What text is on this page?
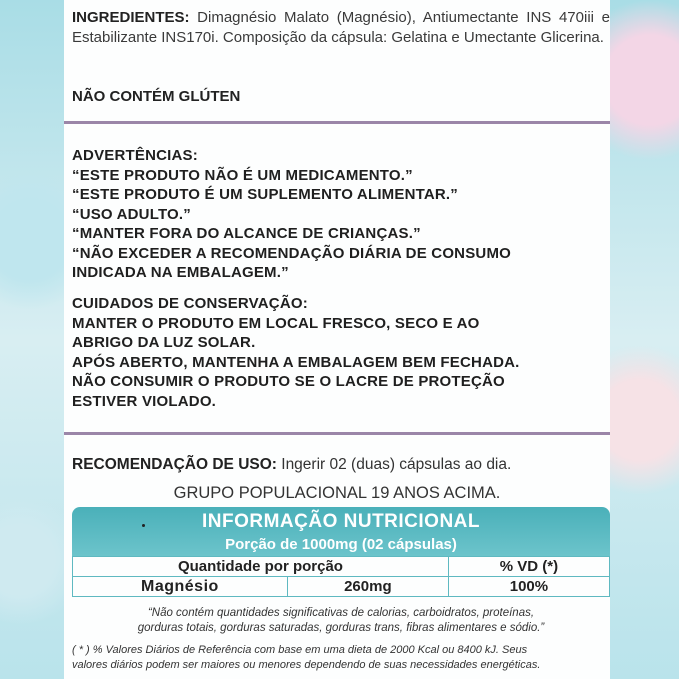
INGREDIENTES: Dimagnésio Malato (Magnésio), Antiumectante INS 470iii e Estabilizante INS170i. Composição da cápsula: Gelatina e Umectante Glicerina.
NÃO CONTÉM GLÚTEN
ADVERTÊNCIAS:
“ESTE PRODUTO NÃO É UM MEDICAMENTO.”
“ESTE PRODUTO É UM SUPLEMENTO ALIMENTAR.”
“USO ADULTO.”
“MANTER FORA DO ALCANCE DE CRIANÇAS.”
“NÃO EXCEDER A RECOMENDAÇÃO DIÁRIA DE CONSUMO
INDICADA NA EMBALAGEM.”
CUIDADOS DE CONSERVAÇÃO:
MANTER O PRODUTO EM LOCAL FRESCO, SECO E AO
ABRIGO DA LUZ SOLAR.
APÓS ABERTO, MANTENHA A EMBALAGEM BEM FECHADA.
NÃO CONSUMIR O PRODUTO SE O LACRE DE PROTEÇÃO
ESTIVER VIOLADO.
RECOMENDAÇÃO DE USO: Ingerir 02 (duas) cápsulas ao dia.
GRUPO POPULACIONAL 19 ANOS ACIMA.
INFORMAÇÃO NUTRICIONAL
Porção de 1000mg (02 cápsulas)
Quantidade por porção		% VD (*)
Magnésio	260mg	100%
“Não contém quantidades significativas de calorias, carboidratos, proteínas,
gorduras totais, gorduras saturadas, gorduras trans, fibras alimentares e sódio.”
( * ) % Valores Diários de Referência com base em uma dieta de 2000 Kcal ou 8400 kJ. Seus
valores diários podem ser maiores ou menores dependendo de suas necessidades energéticas.
